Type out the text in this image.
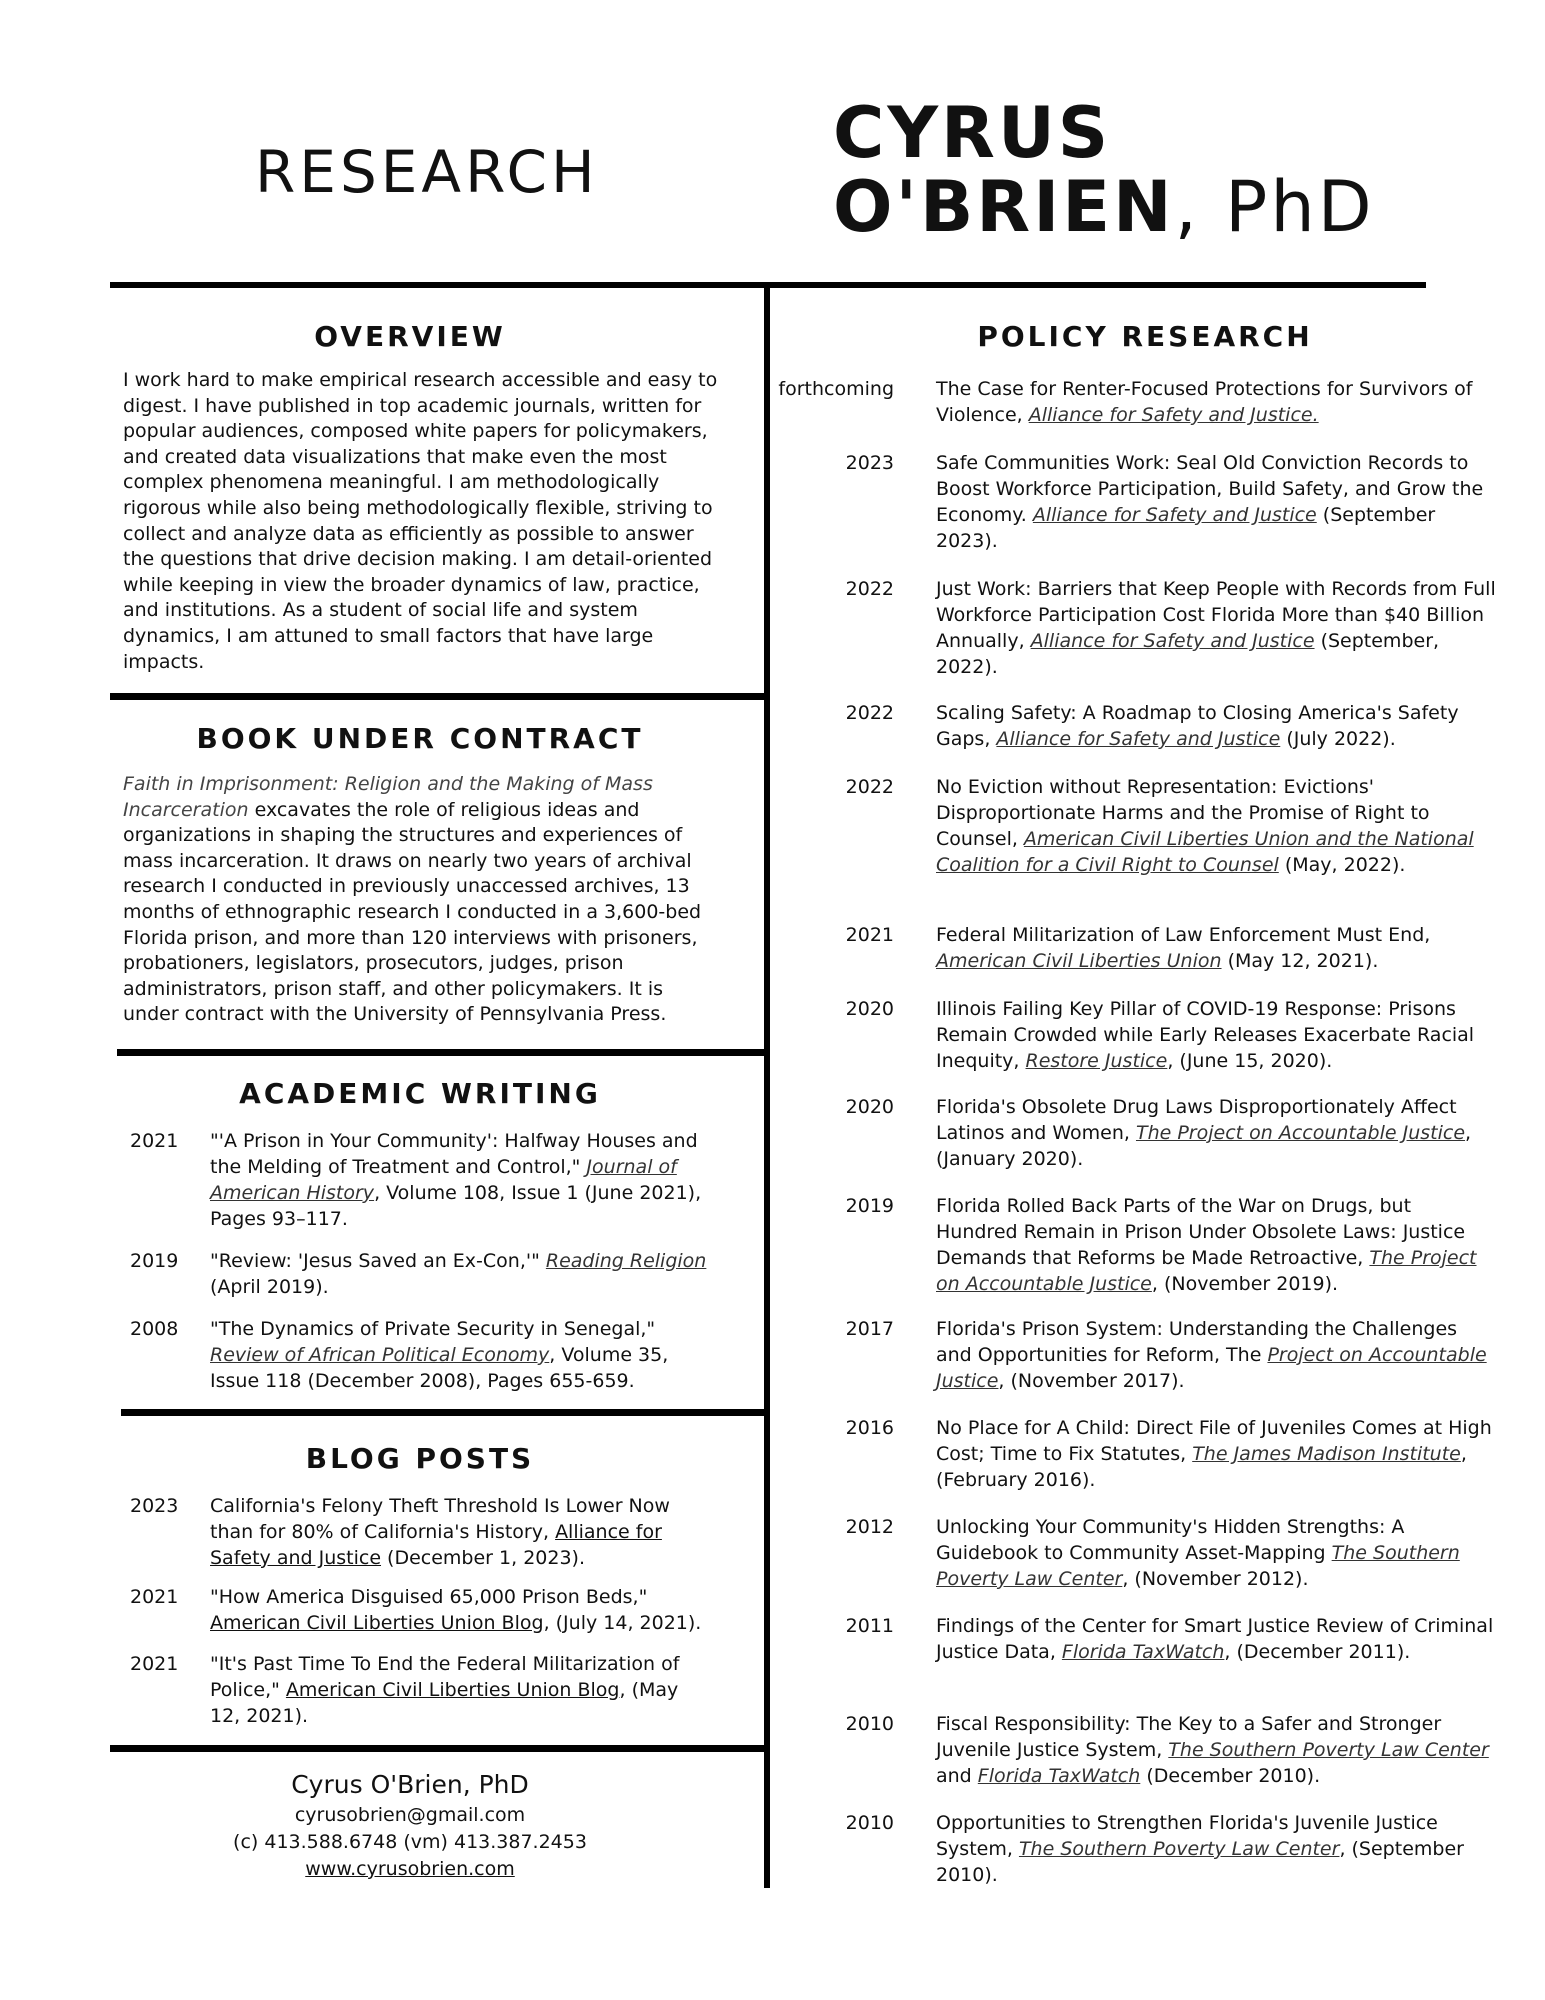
RESEARCH	CYRUS
O'BRIEN, PhD
OVERVIEW
I work hard to make empirical research accessible and easy to digest. I have published in top academic journals, written for popular audiences, composed white papers for policymakers, and created data visualizations that make even the most complex phenomena meaningful. I am methodologically rigorous while also being methodologically flexible, striving to collect and analyze data as efficiently as possible to answer the questions that drive decision making. I am detail-oriented while keeping in view the broader dynamics of law, practice, and institutions. As a student of social life and system dynamics, I am attuned to small factors that have large impacts.
BOOK UNDER CONTRACT
Faith in Imprisonment: Religion and the Making of Mass Incarceration excavates the role of religious ideas and organizations in shaping the structures and experiences of mass incarceration. It draws on nearly two years of archival research I conducted in previously unaccessed archives, 13 months of ethnographic research I conducted in a 3,600-bed Florida prison, and more than 120 interviews with prisoners, probationers, legislators, prosecutors, judges, prison administrators, prison staff, and other policymakers. It is under contract with the University of Pennsylvania Press.
ACADEMIC WRITING
2021 "'A Prison in Your Community': Halfway Houses and the Melding of Treatment and Control," Journal of American History, Volume 108, Issue 1 (June 2021), Pages 93–117.
2019 "Review: 'Jesus Saved an Ex-Con,'" Reading Religion (April 2019).
2008 "The Dynamics of Private Security in Senegal," Review of African Political Economy, Volume 35, Issue 118 (December 2008), Pages 655-659.
BLOG POSTS
2023 California's Felony Theft Threshold Is Lower Now than for 80% of California's History, Alliance for Safety and Justice (December 1, 2023).
2021 "How America Disguised 65,000 Prison Beds," American Civil Liberties Union Blog, (July 14, 2021).
2021 "It's Past Time To End the Federal Militarization of Police," American Civil Liberties Union Blog, (May 12, 2021).
Cyrus O'Brien, PhD
cyrusobrien@gmail.com
(c) 413.588.6748 (vm) 413.387.2453
www.cyrusobrien.com
POLICY RESEARCH
forthcoming The Case for Renter-Focused Protections for Survivors of Violence, Alliance for Safety and Justice.
2023 Safe Communities Work: Seal Old Conviction Records to Boost Workforce Participation, Build Safety, and Grow the Economy. Alliance for Safety and Justice (September 2023).
2022 Just Work: Barriers that Keep People with Records from Full Workforce Participation Cost Florida More than $40 Billion Annually, Alliance for Safety and Justice (September, 2022).
2022 Scaling Safety: A Roadmap to Closing America's Safety Gaps, Alliance for Safety and Justice (July 2022).
2022 No Eviction without Representation: Evictions' Disproportionate Harms and the Promise of Right to Counsel, American Civil Liberties Union and the National Coalition for a Civil Right to Counsel (May, 2022).
2021 Federal Militarization of Law Enforcement Must End, American Civil Liberties Union (May 12, 2021).
2020 Illinois Failing Key Pillar of COVID-19 Response: Prisons Remain Crowded while Early Releases Exacerbate Racial Inequity, Restore Justice, (June 15, 2020).
2020 Florida's Obsolete Drug Laws Disproportionately Affect Latinos and Women, The Project on Accountable Justice, (January 2020).
2019 Florida Rolled Back Parts of the War on Drugs, but Hundred Remain in Prison Under Obsolete Laws: Justice Demands that Reforms be Made Retroactive, The Project on Accountable Justice, (November 2019).
2017 Florida's Prison System: Understanding the Challenges and Opportunities for Reform, The Project on Accountable Justice, (November 2017).
2016 No Place for A Child: Direct File of Juveniles Comes at High Cost; Time to Fix Statutes, The James Madison Institute, (February 2016).
2012 Unlocking Your Community's Hidden Strengths: A Guidebook to Community Asset-Mapping The Southern Poverty Law Center, (November 2012).
2011 Findings of the Center for Smart Justice Review of Criminal Justice Data, Florida TaxWatch, (December 2011).
2010 Fiscal Responsibility: The Key to a Safer and Stronger Juvenile Justice System, The Southern Poverty Law Center and Florida TaxWatch (December 2010).
2010 Opportunities to Strengthen Florida's Juvenile Justice System, The Southern Poverty Law Center, (September 2010).
